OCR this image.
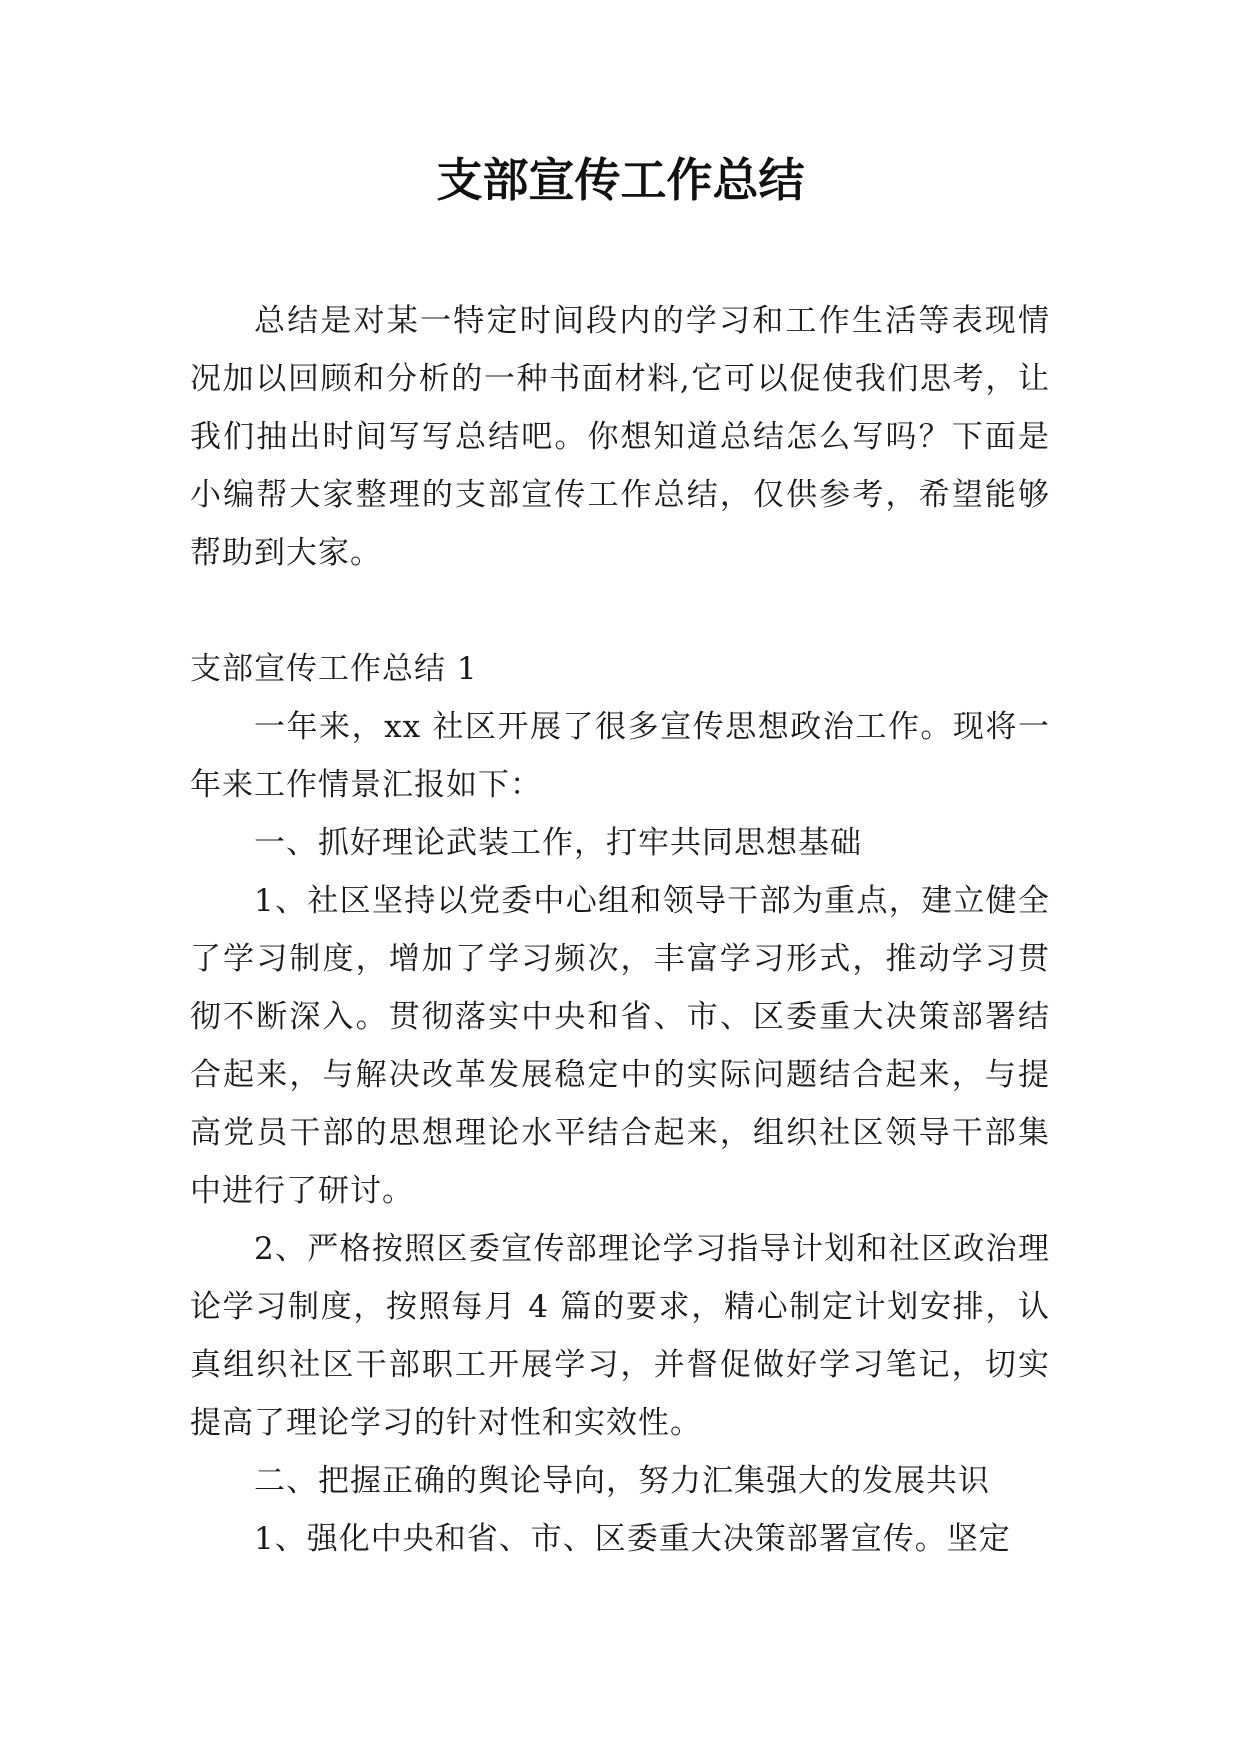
支部宣传工作总结

总结是对某一特定时间段内的学习和工作生活等表现情况加以回顾和分析的一种书面材料,它可以促使我们思考，让我们抽出时间写写总结吧。你想知道总结怎么写吗？下面是小编帮大家整理的支部宣传工作总结，仅供参考，希望能够帮助到大家。

支部宣传工作总结 1

一年来，xx 社区开展了很多宣传思想政治工作。现将一年来工作情景汇报如下：

一、抓好理论武装工作，打牢共同思想基础

1、社区坚持以党委中心组和领导干部为重点，建立健全了学习制度，增加了学习频次，丰富学习形式，推动学习贯彻不断深入。贯彻落实中央和省、市、区委重大决策部署结合起来，与解决改革发展稳定中的实际问题结合起来，与提高党员干部的思想理论水平结合起来，组织社区领导干部集中进行了研讨。

2、严格按照区委宣传部理论学习指导计划和社区政治理论学习制度，按照每月 4 篇的要求，精心制定计划安排，认真组织社区干部职工开展学习，并督促做好学习笔记，切实提高了理论学习的针对性和实效性。

二、把握正确的舆论导向，努力汇集强大的发展共识

1、强化中央和省、市、区委重大决策部署宣传。坚定
